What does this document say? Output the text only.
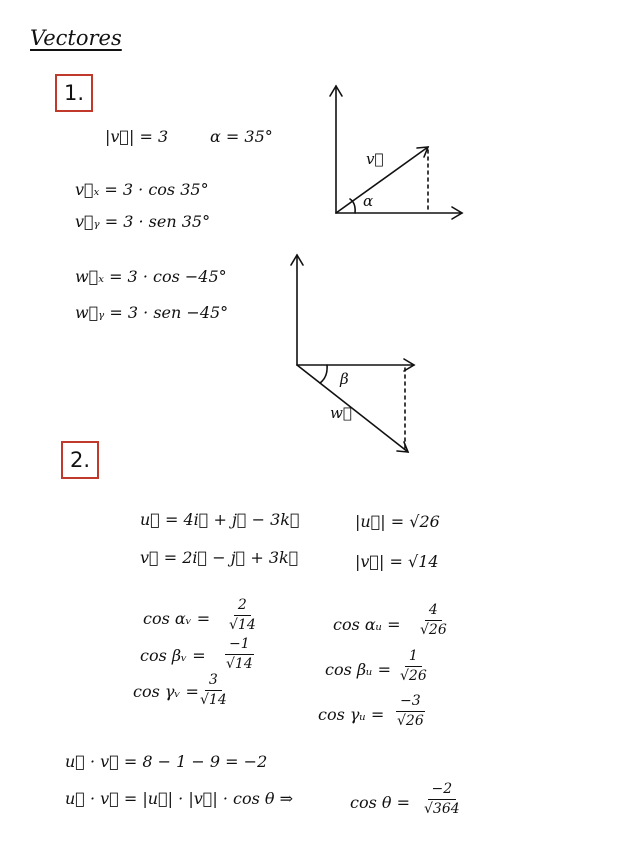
Vectores
1.
|v⃗| = 3	α = 35°
v⃗ₓ = 3 · cos 35°
v⃗ᵧ = 3 · sen 35°
w⃗ₓ = 3 · cos −45°
w⃗ᵧ = 3 · sen −45°
v⃗
α
β
w⃗
2.
u⃗ = 4i⃗ + j⃗ − 3k⃗	|u⃗| = √26
v⃗ = 2i⃗ − j⃗ + 3k⃗	|v⃗| = √14
cos αᵥ = $\frac{2}{√14}$
cos βᵥ = $\frac{-1}{√14}$
cos γᵥ =
$\frac{3}{√14}$
cos αᵤ = $\frac{4}{√26}$
cos βᵤ = $\frac{1}{√26}$
cos γᵤ = $\frac{-3}{√26}$
u⃗ · v⃗ = 8 − 1 − 9 = −2
u⃗ · v⃗ = |u⃗| · |v⃗| · cos θ ⇒	$\cos \theta = \frac{-2}{√364}$
